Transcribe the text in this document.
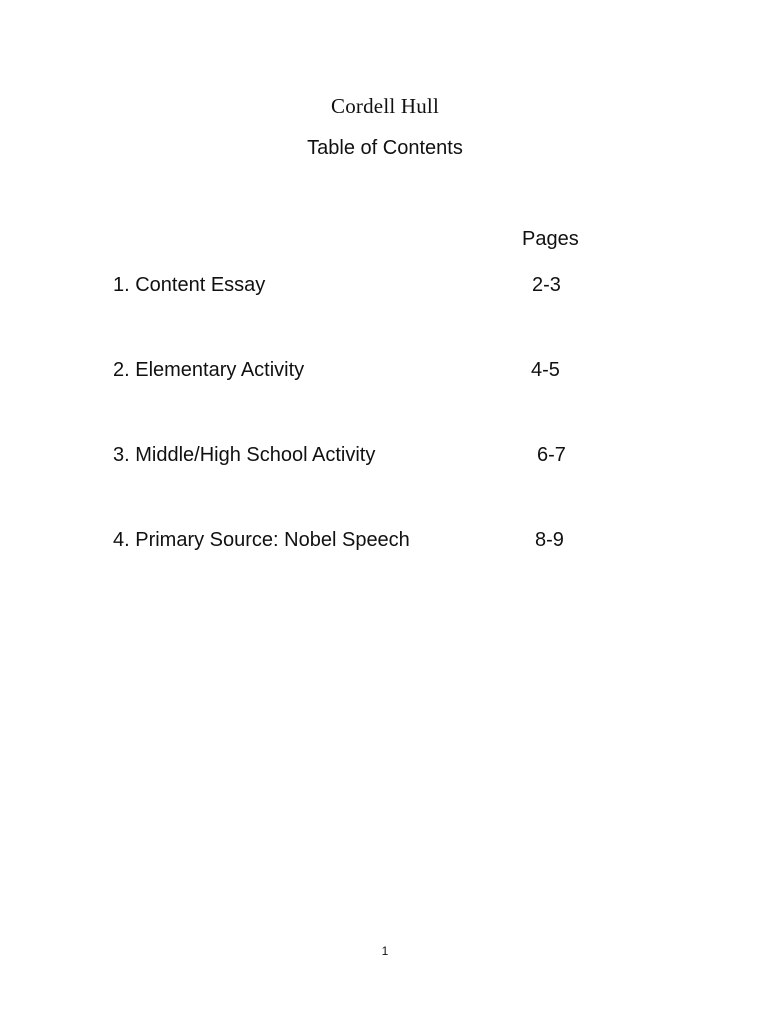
Cordell Hull
Table of Contents
Pages
1. Content Essay	2-3
2. Elementary Activity	4-5
3. Middle/High School Activity	6-7
4. Primary Source: Nobel Speech	8-9
1
